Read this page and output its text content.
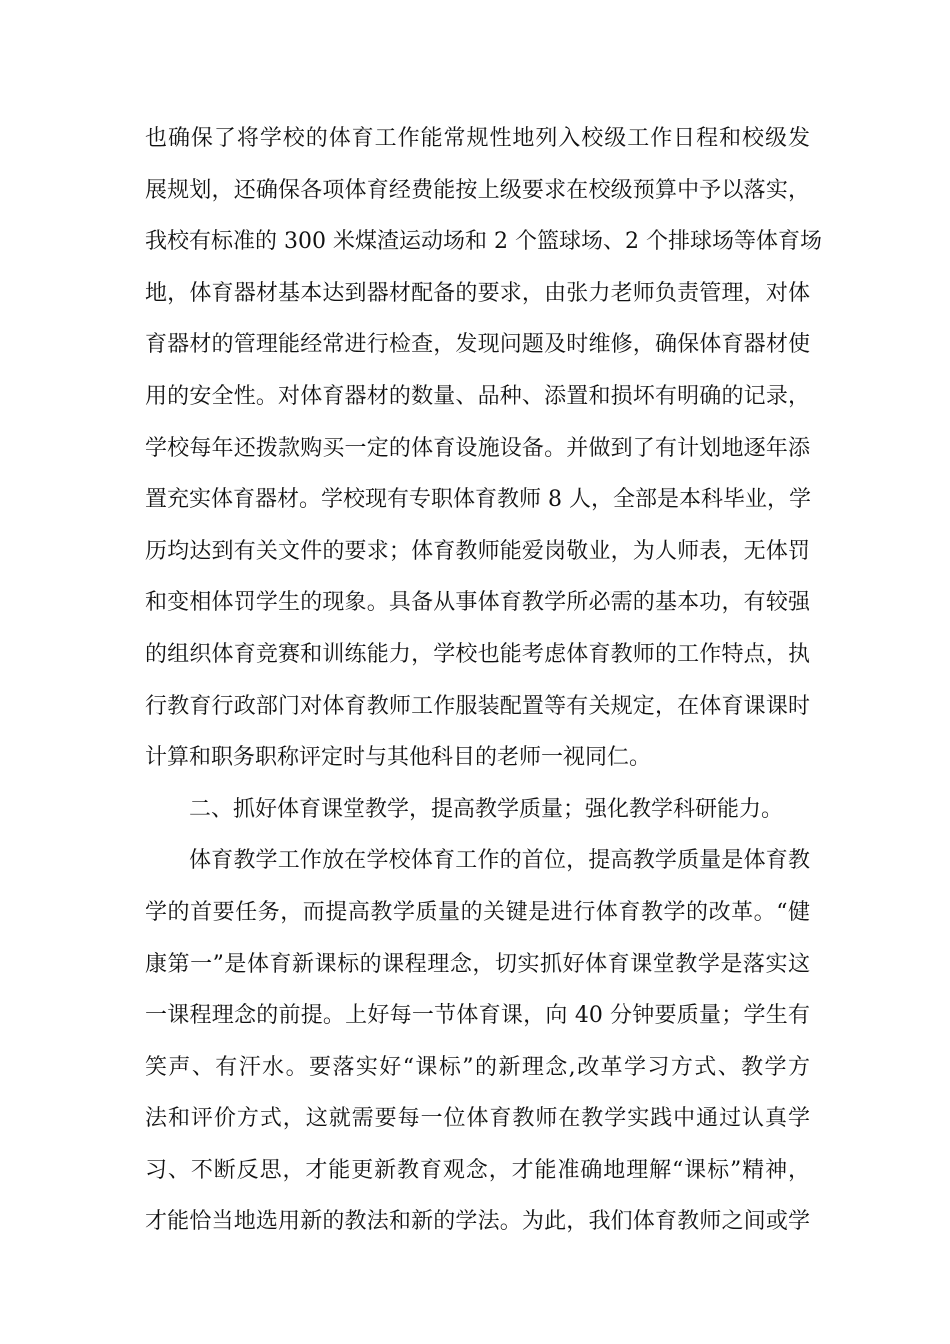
也确保了将学校的体育工作能常规性地列入校级工作日程和校级发
展规划，还确保各项体育经费能按上级要求在校级预算中予以落实，
我校有标准的 300 米煤渣运动场和 2 个篮球场、2 个排球场等体育场
地，体育器材基本达到器材配备的要求，由张力老师负责管理，对体
育器材的管理能经常进行检查，发现问题及时维修，确保体育器材使
用的安全性。对体育器材的数量、品种、添置和损坏有明确的记录，
学校每年还拨款购买一定的体育设施设备。并做到了有计划地逐年添
置充实体育器材。学校现有专职体育教师 8 人，全部是本科毕业，学
历均达到有关文件的要求；体育教师能爱岗敬业，为人师表，无体罚
和变相体罚学生的现象。具备从事体育教学所必需的基本功，有较强
的组织体育竞赛和训练能力，学校也能考虑体育教师的工作特点，执
行教育行政部门对体育教师工作服装配置等有关规定，在体育课课时
计算和职务职称评定时与其他科目的老师一视同仁。
二、抓好体育课堂教学，提高教学质量；强化教学科研能力。
体育教学工作放在学校体育工作的首位，提高教学质量是体育教
学的首要任务，而提高教学质量的关键是进行体育教学的改革。“健
康第一”是体育新课标的课程理念，切实抓好体育课堂教学是落实这
一课程理念的前提。上好每一节体育课，向 40 分钟要质量；学生有
笑声、有汗水。要落实好“课标”的新理念,改革学习方式、教学方
法和评价方式，这就需要每一位体育教师在教学实践中通过认真学
习、不断反思，才能更新教育观念，才能准确地理解“课标”精神，
才能恰当地选用新的教法和新的学法。为此，我们体育教师之间或学
